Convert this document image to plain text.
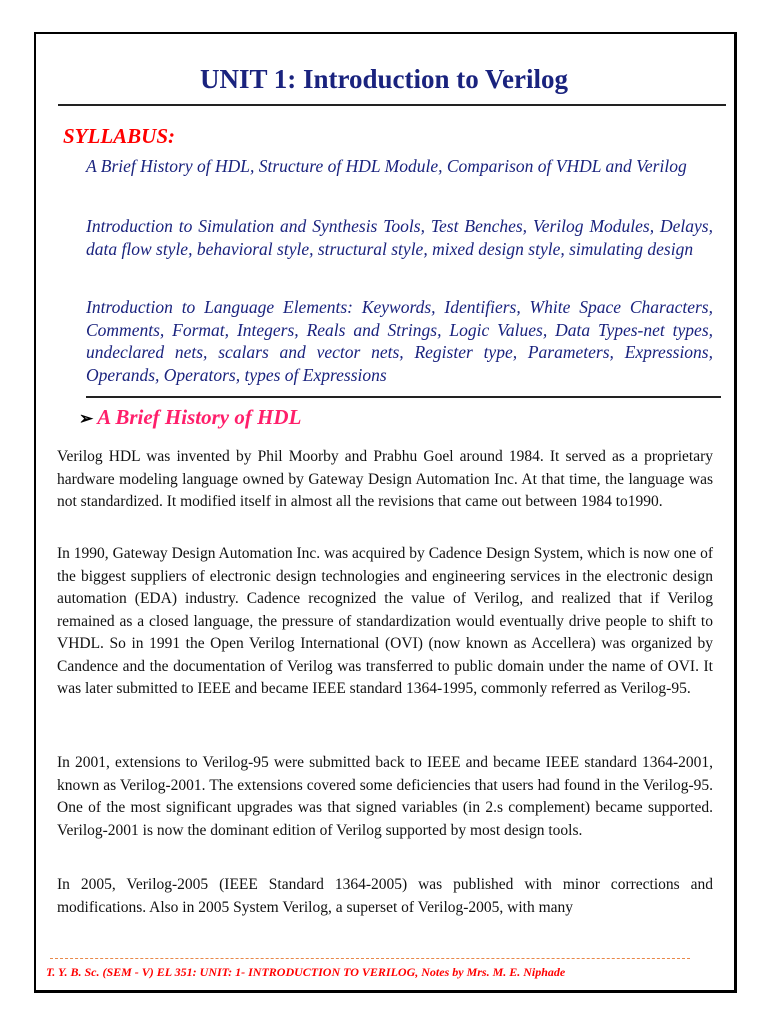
UNIT 1: Introduction to Verilog
SYLLABUS:

A Brief History of HDL, Structure of HDL Module, Comparison of VHDL and Verilog

Introduction to Simulation and Synthesis Tools, Test Benches, Verilog Modules, Delays, data flow style, behavioral style, structural style, mixed design style, simulating design

Introduction to Language Elements: Keywords, Identifiers, White Space Characters, Comments, Format, Integers, Reals and Strings, Logic Values, Data Types-net types, undeclared nets, scalars and vector nets, Register type, Parameters, Expressions, Operands, Operators, types of Expressions

➢ A Brief History of HDL

Verilog HDL was invented by Phil Moorby and Prabhu Goel around 1984. It served as a proprietary hardware modeling language owned by Gateway Design Automation Inc. At that time, the language was not standardized. It modified itself in almost all the revisions that came out between 1984 to1990.

In 1990, Gateway Design Automation Inc. was acquired by Cadence Design System, which is now one of the biggest suppliers of electronic design technologies and engineering services in the electronic design automation (EDA) industry. Cadence recognized the value of Verilog, and realized that if Verilog remained as a closed language, the pressure of standardization would eventually drive people to shift to VHDL. So in 1991 the Open Verilog International (OVI) (now known as Accellera) was organized by Candence and the documentation of Verilog was transferred to public domain under the name of OVI. It was later submitted to IEEE and became IEEE standard 1364-1995, commonly referred as Verilog-95.

In 2001, extensions to Verilog-95 were submitted back to IEEE and became IEEE standard 1364-2001, known as Verilog-2001. The extensions covered some deficiencies that users had found in the Verilog-95. One of the most significant upgrades was that signed variables (in 2.s complement) became supported. Verilog-2001 is now the dominant edition of Verilog supported by most design tools.

In 2005, Verilog-2005 (IEEE Standard 1364-2005) was published with minor corrections and modifications. Also in 2005 System Verilog, a superset of Verilog-2005, with many

T. Y. B. Sc. (SEM - V) EL 351: UNIT: 1- INTRODUCTION TO VERILOG, Notes by Mrs. M. E. Niphade
